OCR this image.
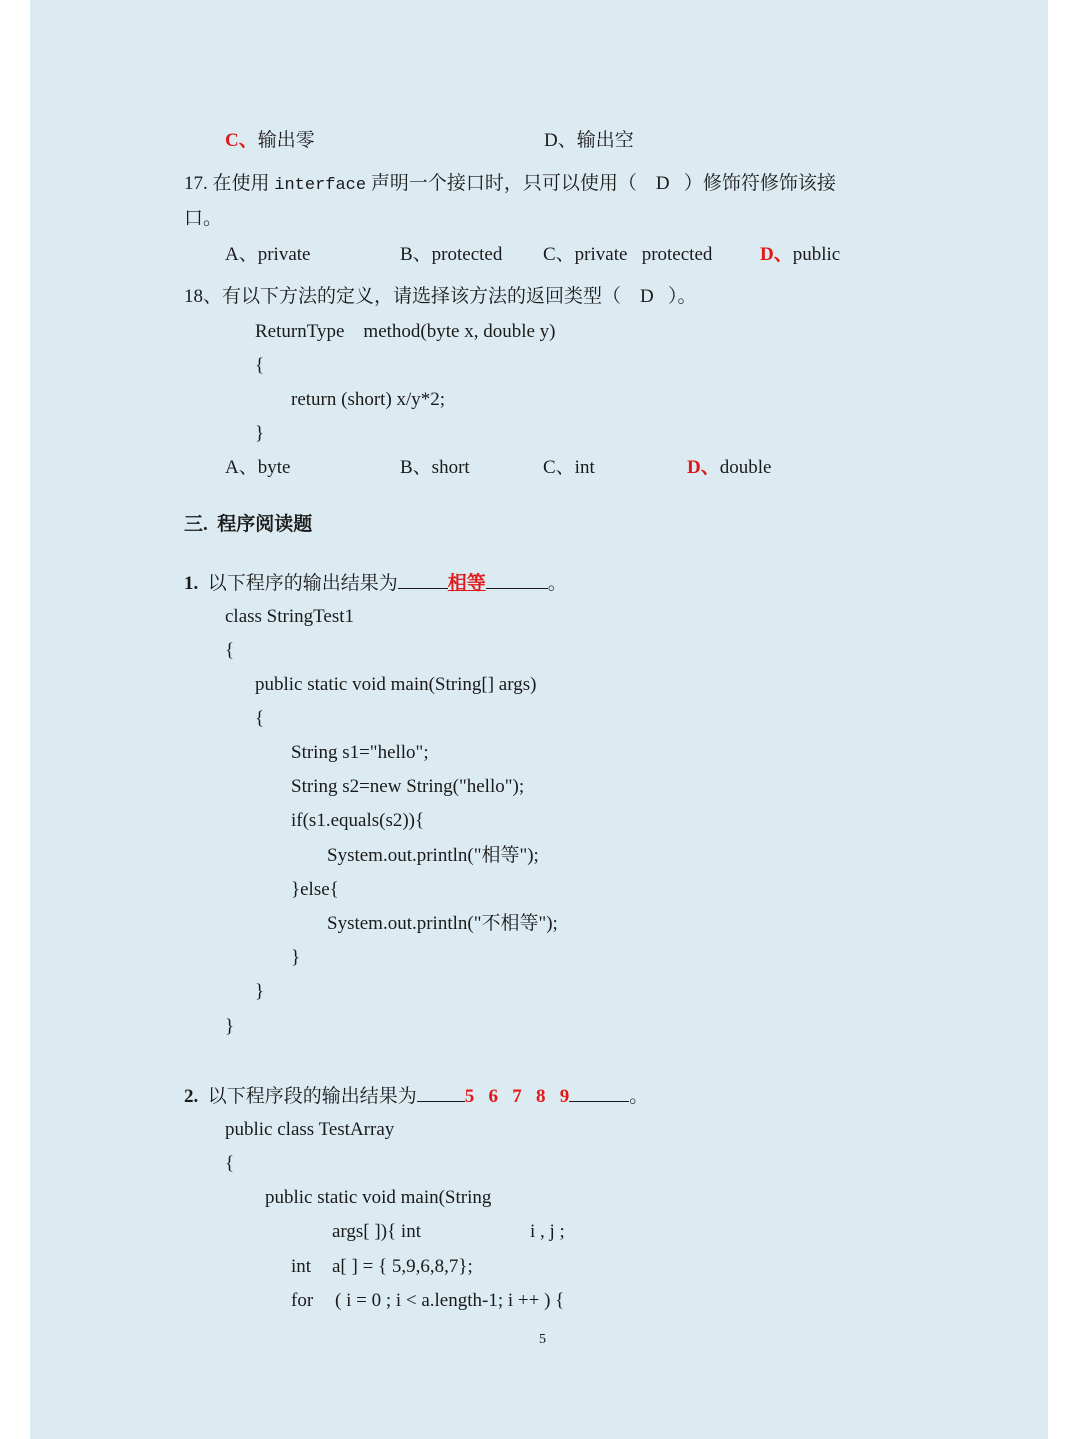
C、输出零	D、输出空
17. 在使用 interface 声明一个接口时，只可以使用（ D ）修饰符修饰该接
口。
A、private	B、protected C、private protected	D、public
18、有以下方法的定义，请选择该方法的返回类型（ D ）。
ReturnType    method(byte x, double y)
{
return (short) x/y*2;
}
A、byte	B、short	C、int	D、double
三.  程序阅读题
1. 以下程序的输出结果为	相等	。
class StringTest1
{
public static void main(String[] args)
{
String s1="hello";
String s2=new String("hello");
if(s1.equals(s2)){
System.out.println("相等");
}else{
System.out.println("不相等");
}
}
}
2. 以下程序段的输出结果为	5   6   7   8   9	。
public class TestArray
{
public static void main(String
args[ ]){ int	i , j ;
int a[ ] = { 5,9,6,8,7};
for ( i = 0 ; i < a.length-1; i ++ ) {
5
